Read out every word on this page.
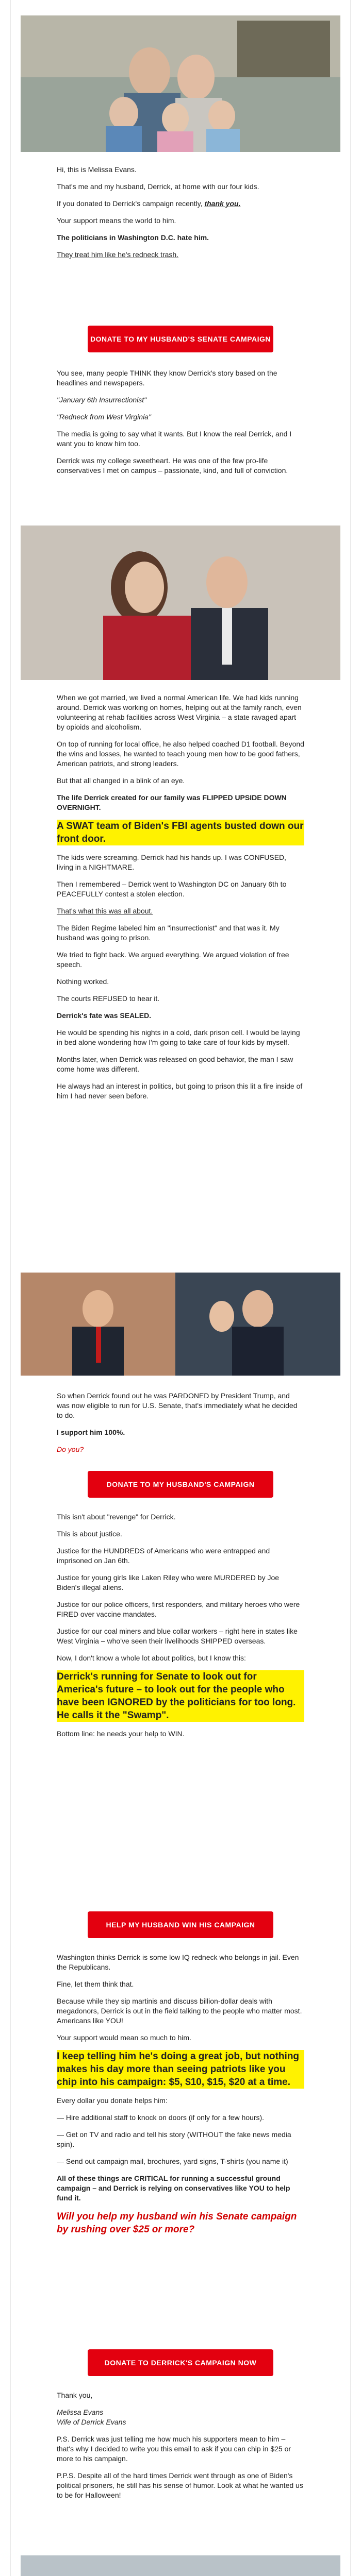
Hi, this is Melissa Evans.

That's me and my husband, Derrick, at home with our four kids.

If you donated to Derrick's campaign recently, thank you.

Your support means the world to him.

The politicians in Washington D.C. hate him.

They treat him like he's redneck trash.

DONATE TO MY HUSBAND'S SENATE CAMPAIGN

You see, many people THINK they know Derrick's story based on the headlines and newspapers.

"January 6th Insurrectionist"

"Redneck from West Virginia"

The media is going to say what it wants. But I know the real Derrick, and I want you to know him too.

Derrick was my college sweetheart. He was one of the few pro-life conservatives I met on campus – passionate, kind, and full of conviction.

When we got married, we lived a normal American life. We had kids running around. Derrick was working on homes, helping out at the family ranch, even volunteering at rehab facilities across West Virginia – a state ravaged apart by opioids and alcoholism.

On top of running for local office, he also helped coached D1 football. Beyond the wins and losses, he wanted to teach young men how to be good fathers, American patriots, and strong leaders.

But that all changed in a blink of an eye.

The life Derrick created for our family was FLIPPED UPSIDE DOWN OVERNIGHT.

A SWAT team of Biden's FBI agents busted down our front door.

The kids were screaming. Derrick had his hands up. I was CONFUSED, living in a NIGHTMARE.

Then I remembered – Derrick went to Washington DC on January 6th to PEACEFULLY contest a stolen election.

That's what this was all about.

The Biden Regime labeled him an "insurrectionist" and that was it. My husband was going to prison.

We tried to fight back. We argued everything. We argued violation of free speech.

Nothing worked.

The courts REFUSED to hear it.

Derrick's fate was SEALED.

He would be spending his nights in a cold, dark prison cell. I would be laying in bed alone wondering how I'm going to take care of four kids by myself.

Months later, when Derrick was released on good behavior, the man I saw come home was different.

He always had an interest in politics, but going to prison this lit a fire inside of him I had never seen before.

So when Derrick found out he was PARDONED by President Trump, and was now eligible to run for U.S. Senate, that's immediately what he decided to do.

I support him 100%.

Do you?

DONATE TO MY HUSBAND'S CAMPAIGN

This isn't about "revenge" for Derrick.

This is about justice.

Justice for the HUNDREDS of Americans who were entrapped and imprisoned on Jan 6th.

Justice for young girls like Laken Riley who were MURDERED by Joe Biden's illegal aliens.

Justice for our police officers, first responders, and military heroes who were FIRED over vaccine mandates.

Justice for our coal miners and blue collar workers – right here in states like West Virginia – who've seen their livelihoods SHIPPED overseas.

Now, I don't know a whole lot about politics, but I know this:

Derrick's running for Senate to look out for America's future – to look out for the people who have been IGNORED by the politicians for too long. He calls it the "Swamp".

Bottom line: he needs your help to WIN.

HELP MY HUSBAND WIN HIS CAMPAIGN

Washington thinks Derrick is some low IQ redneck who belongs in jail. Even the Republicans.

Fine, let them think that.

Because while they sip martinis and discuss billion-dollar deals with megadonors, Derrick is out in the field talking to the people who matter most. Americans like YOU!

Your support would mean so much to him.

I keep telling him he's doing a great job, but nothing makes his day more than seeing patriots like you chip into his campaign: $5, $10, $15, $20 at a time.

Every dollar you donate helps him:

— Hire additional staff to knock on doors (if only for a few hours).

— Get on TV and radio and tell his story (WITHOUT the fake news media spin).

— Send out campaign mail, brochures, yard signs, T-shirts (you name it)

All of these things are CRITICAL for running a successful ground campaign – and Derrick is relying on conservatives like YOU to help fund it.

Will you help my husband win his Senate campaign by rushing over $25 or more?

DONATE TO DERRICK'S CAMPAIGN NOW

Thank you,

Melissa Evans
Wife of Derrick Evans

P.S. Derrick was just telling me how much his supporters mean to him – that's why I decided to write you this email to ask if you can chip in $25 or more to his campaign.

P.P.S. Despite all of the hard times Derrick went through as one of Biden's political prisoners, he still has his sense of humor. Look at what he wanted us to be for Halloween!
